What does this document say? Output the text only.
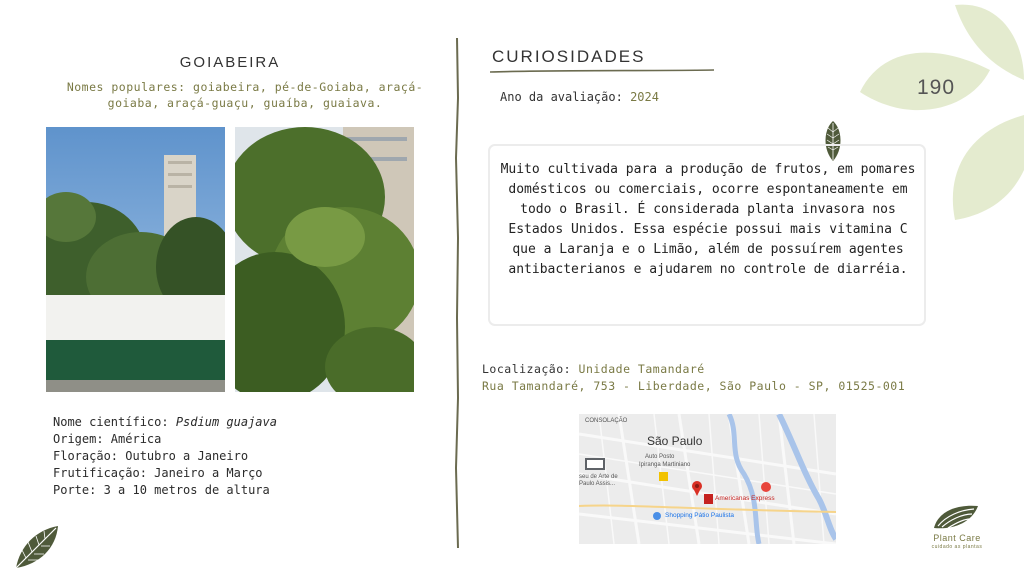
GOIABEIRA
Nomes populares: goiabeira, pé-de-Goiaba, araçá-goiaba, araçá-guaçu, guaíba, guaiava.
Nome científico: Psdium guajava
Origem: América
Floração: Outubro a Janeiro
Frutificação: Janeiro a Março
Porte: 3 a 10 metros de altura
CURIOSIDADES
Ano da avaliação: 2024	190
Muito cultivada para a produção de frutos, em pomares domésticos ou comerciais, ocorre espontaneamente em todo o Brasil. É considerada planta invasora nos Estados Unidos. Essa espécie possui mais vitamina C que a Laranja e o Limão, além de possuírem agentes antibacterianos e ajudarem no controle de diarréia.
Localização: Unidade Tamandaré
Rua Tamandaré, 753 - Liberdade, São Paulo - SP, 01525-001
CONSOLAÇÃO
São Paulo
Auto Posto
Ipiranga Martiniano
Americanas Express
Shopping Pátio Paulista
seu de Arte de
Paulo Assis...
Plant Care
cuidado as plantas
